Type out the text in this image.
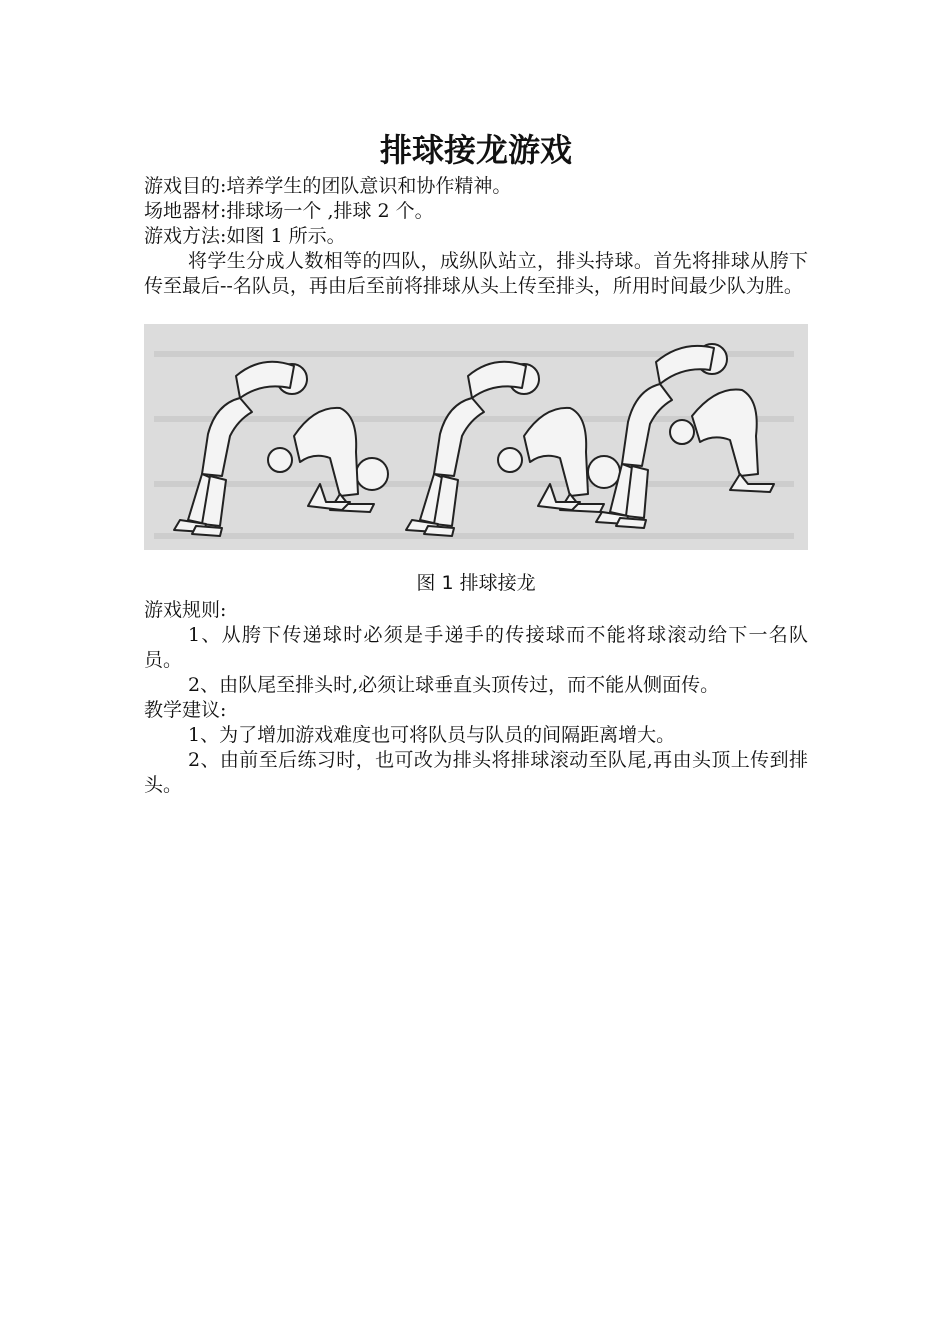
排球接龙游戏

游戏目的:培养学生的团队意识和协作精神。

场地器材:排球场一个 ,排球 2 个。

游戏方法:如图 1 所示。

将学生分成人数相等的四队，成纵队站立，排头持球。首先将排球从胯下传至最后--名队员，再由后至前将排球从头上传至排头，所用时间最少队为胜。

图 1 排球接龙

游戏规则:

1、从胯下传递球时必须是手递手的传接球而不能将球滚动给下一名队员。

2、由队尾至排头时,必须让球垂直头顶传过，而不能从侧面传。

教学建议:

1、为了增加游戏难度也可将队员与队员的间隔距离增大。

2、由前至后练习时，也可改为排头将排球滚动至队尾,再由头顶上传到排头。
